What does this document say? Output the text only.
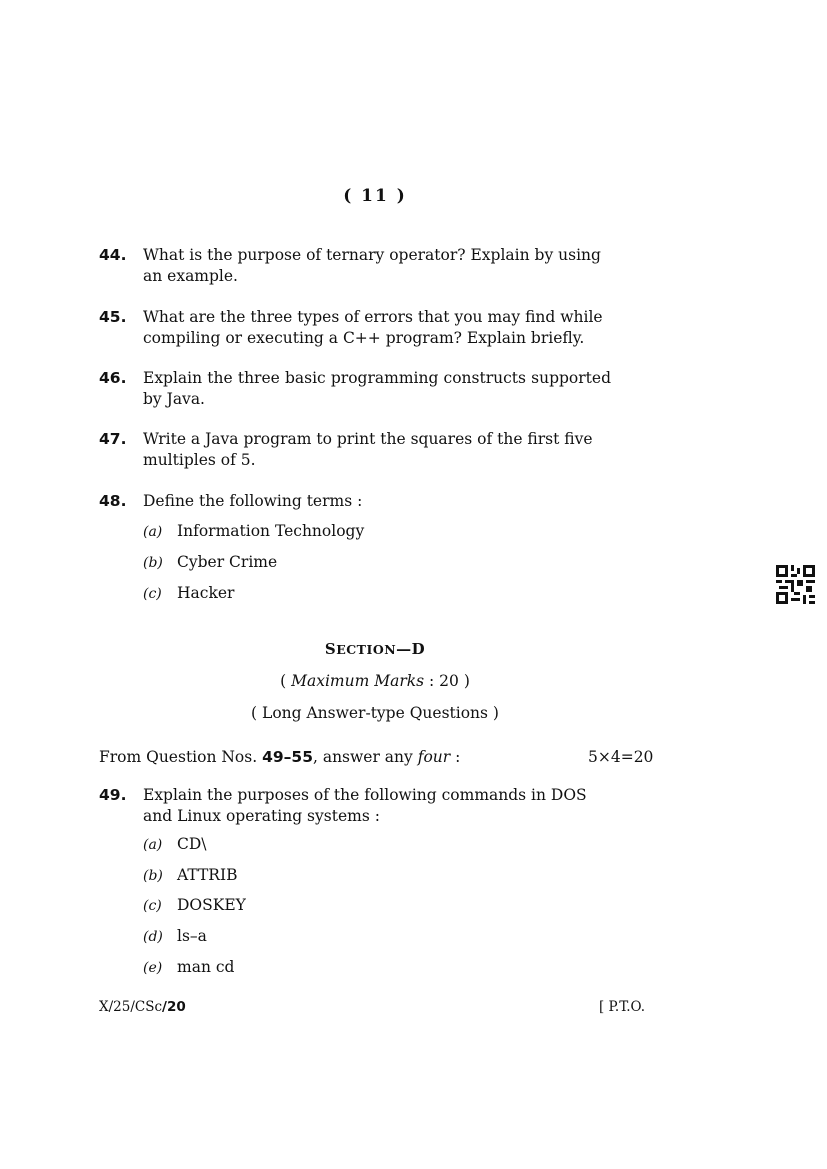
( 11 )
44. What is the purpose of ternary operator? Explain by using an example.
45. What are the three types of errors that you may find while compiling or executing a C++ program? Explain briefly.
46. Explain the three basic programming constructs supported by Java.
47. Write a Java program to print the squares of the first five multiples of 5.
48. Define the following terms :
(a) Information Technology
(b) Cyber Crime
(c) Hacker
SECTION—D
( Maximum Marks : 20 )
( Long Answer-type Questions )
From Question Nos. 49–55, answer any four :	5×4=20
49. Explain the purposes of the following commands in DOS and Linux operating systems :
(a) CD\
(b) ATTRIB
(c) DOSKEY
(d) ls–a
(e) man cd
X/25/CSc/20	[ P.T.O.
